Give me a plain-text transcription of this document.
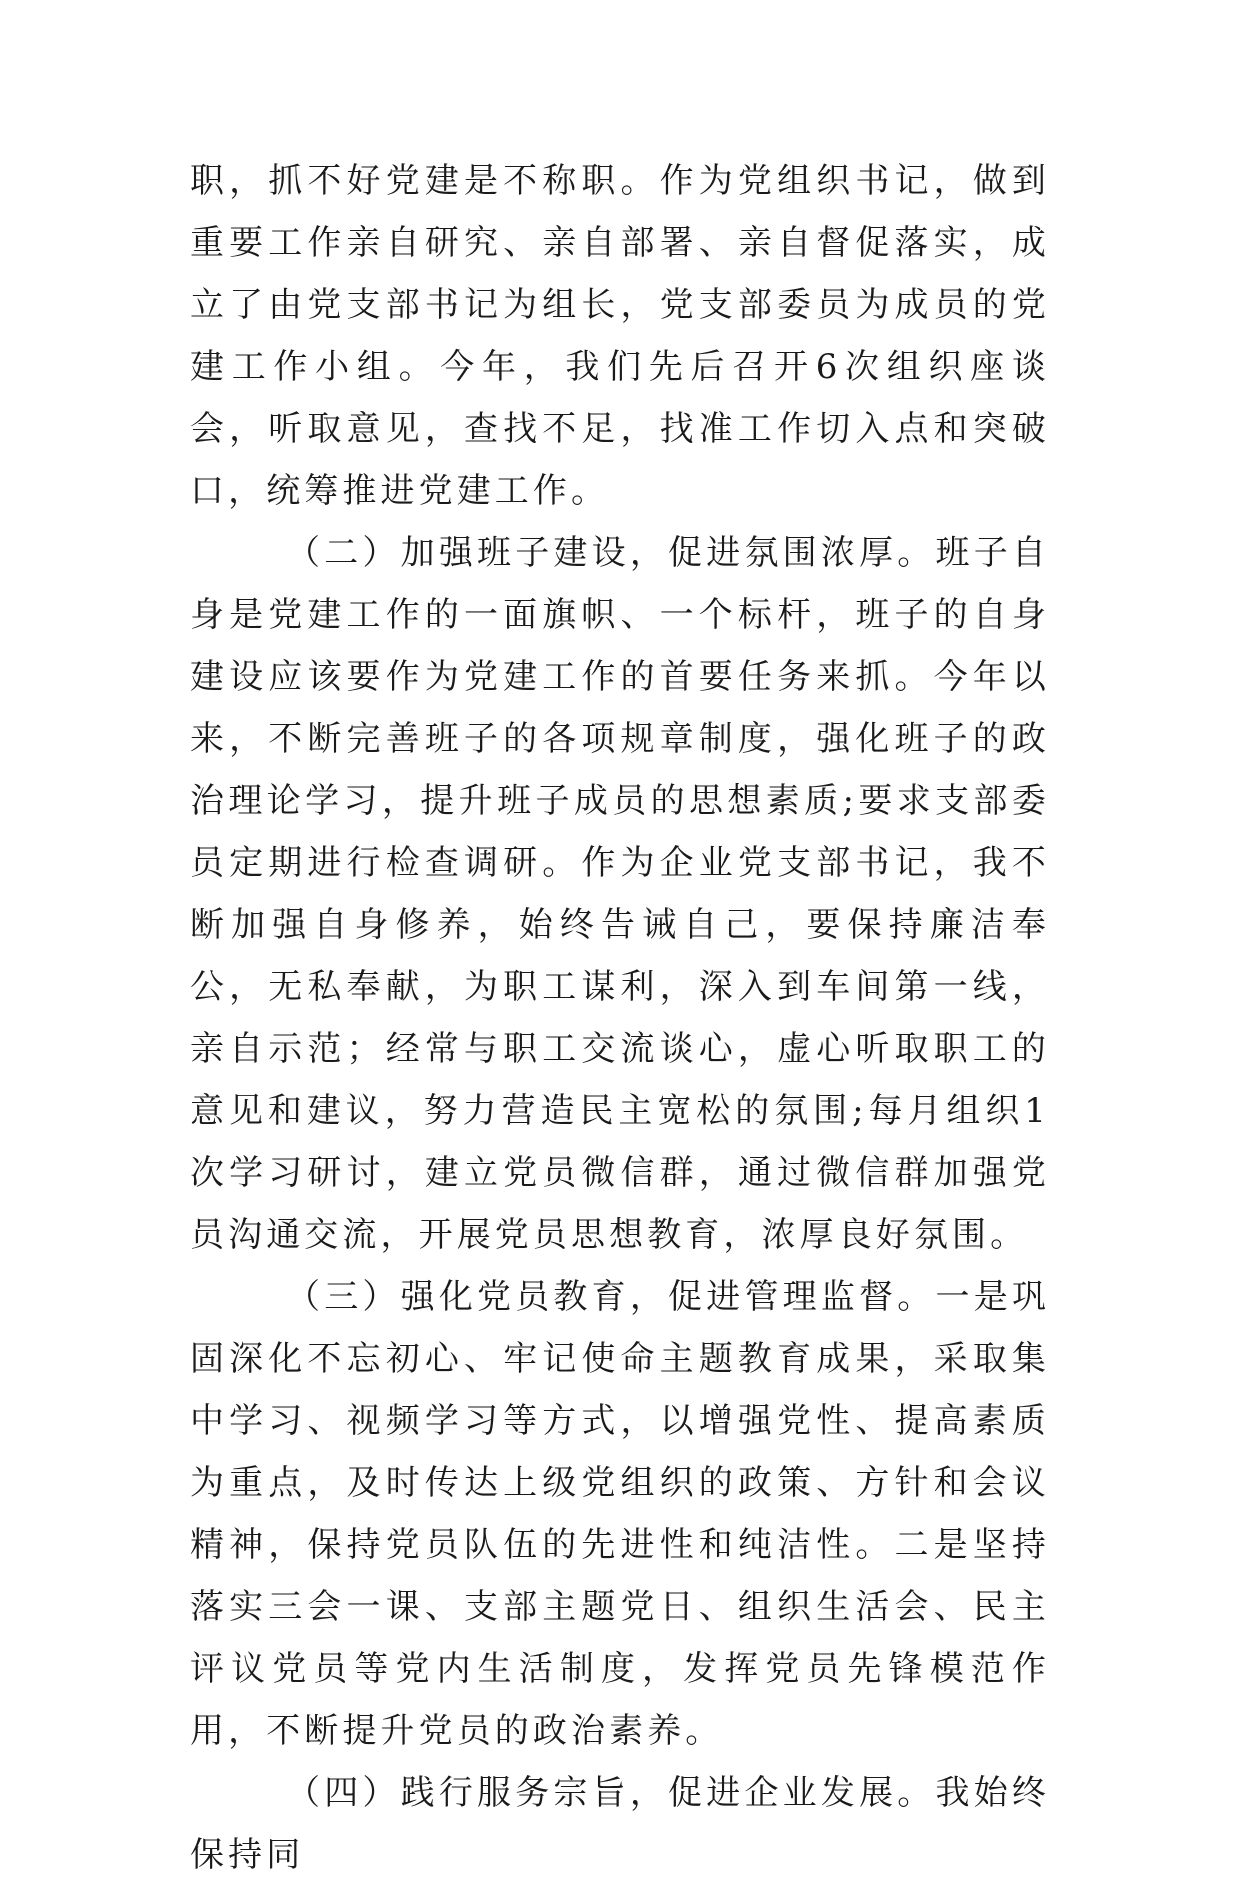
职，抓不好党建是不称职。作为党组织书记，做到重要工作亲自研究、亲自部署、亲自督促落实，成立了由党支部书记为组长，党支部委员为成员的党建工作小组。今年，我们先后召开6次组织座谈会，听取意见，查找不足，找准工作切入点和突破口，统筹推进党建工作。

（二）加强班子建设，促进氛围浓厚。班子自身是党建工作的一面旗帜、一个标杆，班子的自身建设应该要作为党建工作的首要任务来抓。今年以来，不断完善班子的各项规章制度，强化班子的政治理论学习，提升班子成员的思想素质;要求支部委员定期进行检查调研。作为企业党支部书记，我不断加强自身修养，始终告诫自己，要保持廉洁奉公，无私奉献，为职工谋利，深入到车间第一线，亲自示范；经常与职工交流谈心，虚心听取职工的意见和建议，努力营造民主宽松的氛围;每月组织1次学习研讨，建立党员微信群，通过微信群加强党员沟通交流，开展党员思想教育，浓厚良好氛围。

（三）强化党员教育，促进管理监督。一是巩固深化不忘初心、牢记使命主题教育成果，采取集中学习、视频学习等方式，以增强党性、提高素质为重点，及时传达上级党组织的政策、方针和会议精神，保持党员队伍的先进性和纯洁性。二是坚持落实三会一课、支部主题党日、组织生活会、民主评议党员等党内生活制度，发挥党员先锋模范作用，不断提升党员的政治素养。

（四）践行服务宗旨，促进企业发展。我始终保持同
